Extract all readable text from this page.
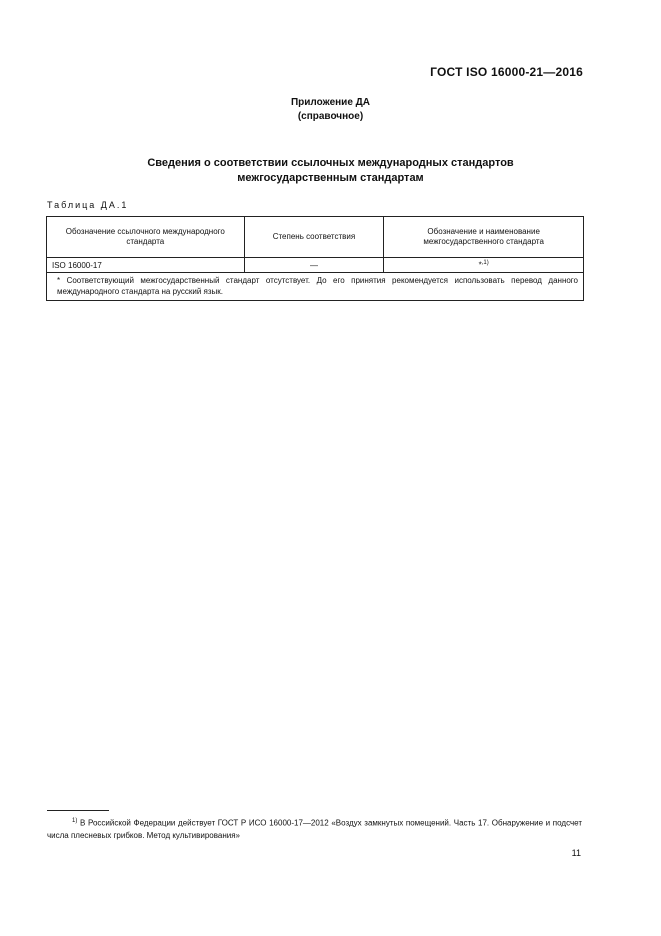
ГОСТ ISO 16000-21—2016
Приложение ДА
(справочное)
Сведения о соответствии ссылочных международных стандартов
межгосударственным стандартам
Таблица ДА.1
Обозначение ссылочного международного стандарта	Степень соответствия	Обозначение и наименование межгосударственного стандарта
ISO 16000-17	—	*$^{,1)}$
* Соответствующий межгосударственный стандарт отсутствует. До его принятия рекомендуется использовать перевод данного международного стандарта на русский язык.		
$^{1)}$ В Российской Федерации действует ГОСТ Р ИСО 16000-17—2012 «Воздух замкнутых помещений. Часть 17. Обнаружение и подсчет числа плесневых грибков. Метод культивирования»
11
